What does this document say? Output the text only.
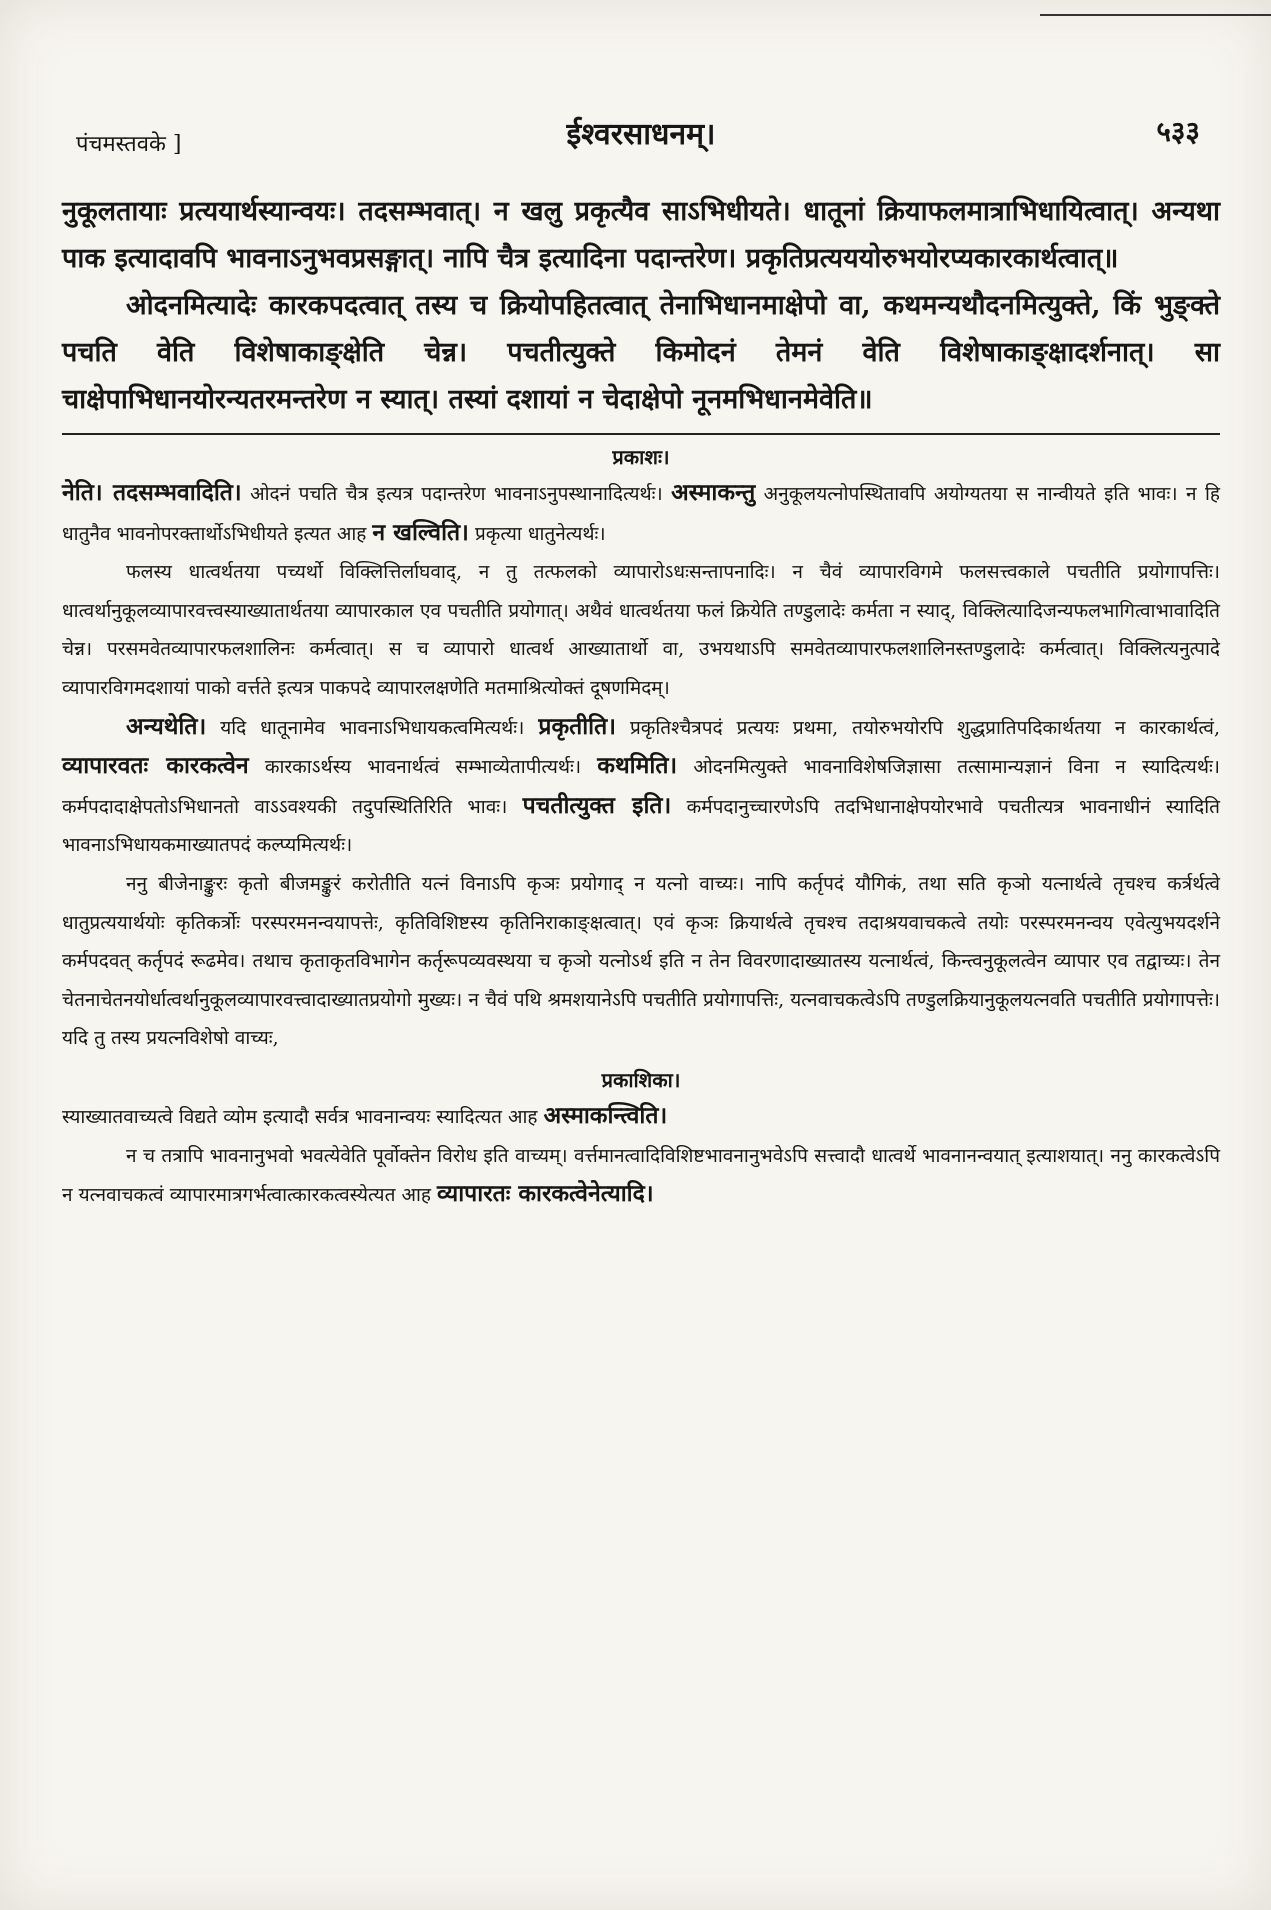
पंचमस्तवके ]	ईश्वरसाधनम्।	५३३

नुकूलतायाः प्रत्ययार्थस्यान्वयः। तदसम्भवात्। न खलु प्रकृत्यैव साऽभिधीयते। धातूनां क्रियाफलमात्राभिधायित्वात्। अन्यथा पाक इत्यादावपि भावनाऽनुभवप्रसङ्गात्। नापि चैत्र इत्यादिना पदान्तरेण। प्रकृतिप्रत्यययोरुभयोरप्यकारकार्थत्वात्॥

ओदनमित्यादेः कारकपदत्वात् तस्य च क्रियोपहितत्वात् तेनाभिधानमाक्षेपो वा, कथमन्यथौदनमित्युक्ते, किं भुङ्क्ते पचति वेति विशेषाकाङ्क्षेति चेन्न। पचतीत्युक्ते किमोदनं तेमनं वेति विशेषाकाङ्क्षादर्शनात्। सा चाक्षेपाभिधानयोरन्यतरमन्तरेण न स्यात्। तस्यां दशायां न चेदाक्षेपो नूनमभिधानमेवेति॥

प्रकाशः।

नेति। तदसम्भवादिति। ओदनं पचति चैत्र इत्यत्र पदान्तरेण भावनाऽनुपस्थानादित्यर्थः। अस्माकन्तु अनुकूलयत्नोपस्थितावपि अयोग्यतया स नान्वीयते इति भावः। न हि धातुनैव भावनोपरक्तार्थोऽभिधीयते इत्यत आह न खल्विति। प्रकृत्या धातुनेत्यर्थः।

फलस्य धात्वर्थतया पच्यर्थो विक्लित्तिर्लाघवाद्, न तु तत्फलको व्यापारोऽधःसन्तापनादिः। न चैवं व्यापारविगमे फलसत्त्वकाले पचतीति प्रयोगापत्तिः। धात्वर्थानुकूलव्यापारवत्त्वस्याख्यातार्थतया व्यापारकाल एव पचतीति प्रयोगात्। अथैवं धात्वर्थतया फलं क्रियेति तण्डुलादेः कर्मता न स्याद्, विक्लित्यादिजन्यफलभागित्वाभावादिति चेन्न। परसमवेतव्यापारफलशालिनः कर्मत्वात्। स च व्यापारो धात्वर्थ आख्यातार्थो वा, उभयथाऽपि समवेतव्यापारफलशालिनस्तण्डुलादेः कर्मत्वात्। विक्लित्यनुत्पादे व्यापारविगमदशायां पाको वर्त्तते इत्यत्र पाकपदे व्यापारलक्षणेति मतमाश्रित्योक्तं दूषणमिदम्।

अन्यथेति। यदि धातूनामेव भावनाऽभिधायकत्वमित्यर्थः। प्रकृतीति। प्रकृतिश्चैत्रपदं प्रत्ययः प्रथमा, तयोरुभयोरपि शुद्धप्रातिपदिकार्थतया न कारकार्थत्वं, व्यापारवतः कारकत्वेन कारकाऽर्थस्य भावनार्थत्वं सम्भाव्येतापीत्यर्थः। कथमिति। ओदनमित्युक्ते भावनाविशेषजिज्ञासा तत्सामान्यज्ञानं विना न स्यादित्यर्थः। कर्मपदादाक्षेपतोऽभिधानतो वाऽऽवश्यकी तदुपस्थितिरिति भावः। पचतीत्युक्त इति। कर्मपदानुच्चारणेऽपि तदभिधानाक्षेपयोरभावे पचतीत्यत्र भावनाधीनं स्यादिति भावनाऽभिधायकमाख्यातपदं कल्प्यमित्यर्थः।

ननु बीजेनाङ्कुरः कृतो बीजमङ्कुरं करोतीति यत्नं विनाऽपि कृञः प्रयोगाद् न यत्नो वाच्यः। नापि कर्तृपदं यौगिकं, तथा सति कृञो यत्नार्थत्वे तृचश्च कर्त्रर्थत्वे धातुप्रत्ययार्थयोः कृतिकर्त्रोः परस्परमनन्वयापत्तेः, कृतिविशिष्टस्य कृतिनिराकाङ्क्षत्वात्। एवं कृञः क्रियार्थत्वे तृचश्च तदाश्रयवाचकत्वे तयोः परस्परमनन्वय एवेत्युभयदर्शने कर्मपदवत् कर्तृपदं रूढमेव। तथाच कृताकृतविभागेन कर्तृरूपव्यवस्थया च कृञो यत्नोऽर्थ इति न तेन विवरणादाख्यातस्य यत्नार्थत्वं, किन्त्वनुकूलत्वेन व्यापार एव तद्वाच्यः। तेन चेतनाचेतनयोर्धात्वर्थानुकूलव्यापारवत्त्वादाख्यातप्रयोगो मुख्यः। न चैवं पथि श्रमशयानेऽपि पचतीति प्रयोगापत्तिः, यत्नवाचकत्वेऽपि तण्डुलक्रियानुकूलयत्नवति पचतीति प्रयोगापत्तेः। यदि तु तस्य प्रयत्नविशेषो वाच्यः,

प्रकाशिका।

स्याख्यातवाच्यत्वे विद्यते व्योम इत्यादौ सर्वत्र भावनान्वयः स्यादित्यत आह अस्माकन्त्विति।

न च तत्रापि भावनानुभवो भवत्येवेति पूर्वोक्तेन विरोध इति वाच्यम्। वर्त्तमानत्वादिविशिष्टभावनानुभवेऽपि सत्त्वादौ धात्वर्थे भावनानन्वयात् इत्याशयात्। ननु कारकत्वेऽपि न यत्नवाचकत्वं व्यापारमात्रगर्भत्वात्कारकत्वस्येत्यत आह व्यापारतः कारकत्वेनेत्यादि।
